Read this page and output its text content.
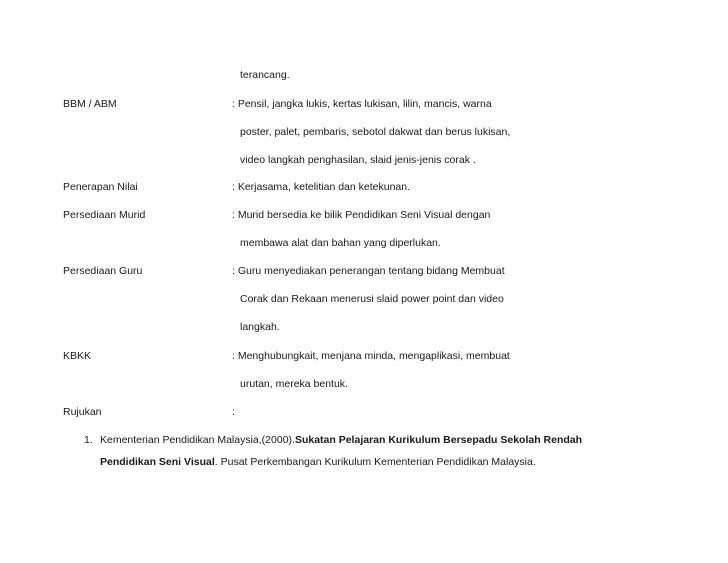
terancang.
BBM / ABM	: Pensil, jangka lukis, kertas lukisan, lilin, mancis, warna
poster, palet, pembaris, sebotol dakwat dan berus lukisan,
video langkah penghasilan, slaid jenis-jenis corak .
Penerapan Nilai	: Kerjasama, ketelitian dan ketekunan.
Persediaan Murid	: Murid bersedia ke bilik Pendidikan Seni Visual dengan
membawa alat dan bahan yang diperlukan.
Persediaan Guru	: Guru menyediakan penerangan tentang bidang Membuat
Corak dan Rekaan menerusi slaid power point dan video
langkah.
KBKK	: Menghubungkait, menjana minda, mengaplikasi, membuat
urutan, mereka bentuk.
Rujukan	:
1. Kementerian Pendidikan Malaysia,(2000).Sukatan Pelajaran Kurikulum Bersepadu Sekolah Rendah
Pendidikan Seni Visual. Pusat Perkembangan Kurikulum Kementerian Pendidikan Malaysia.
